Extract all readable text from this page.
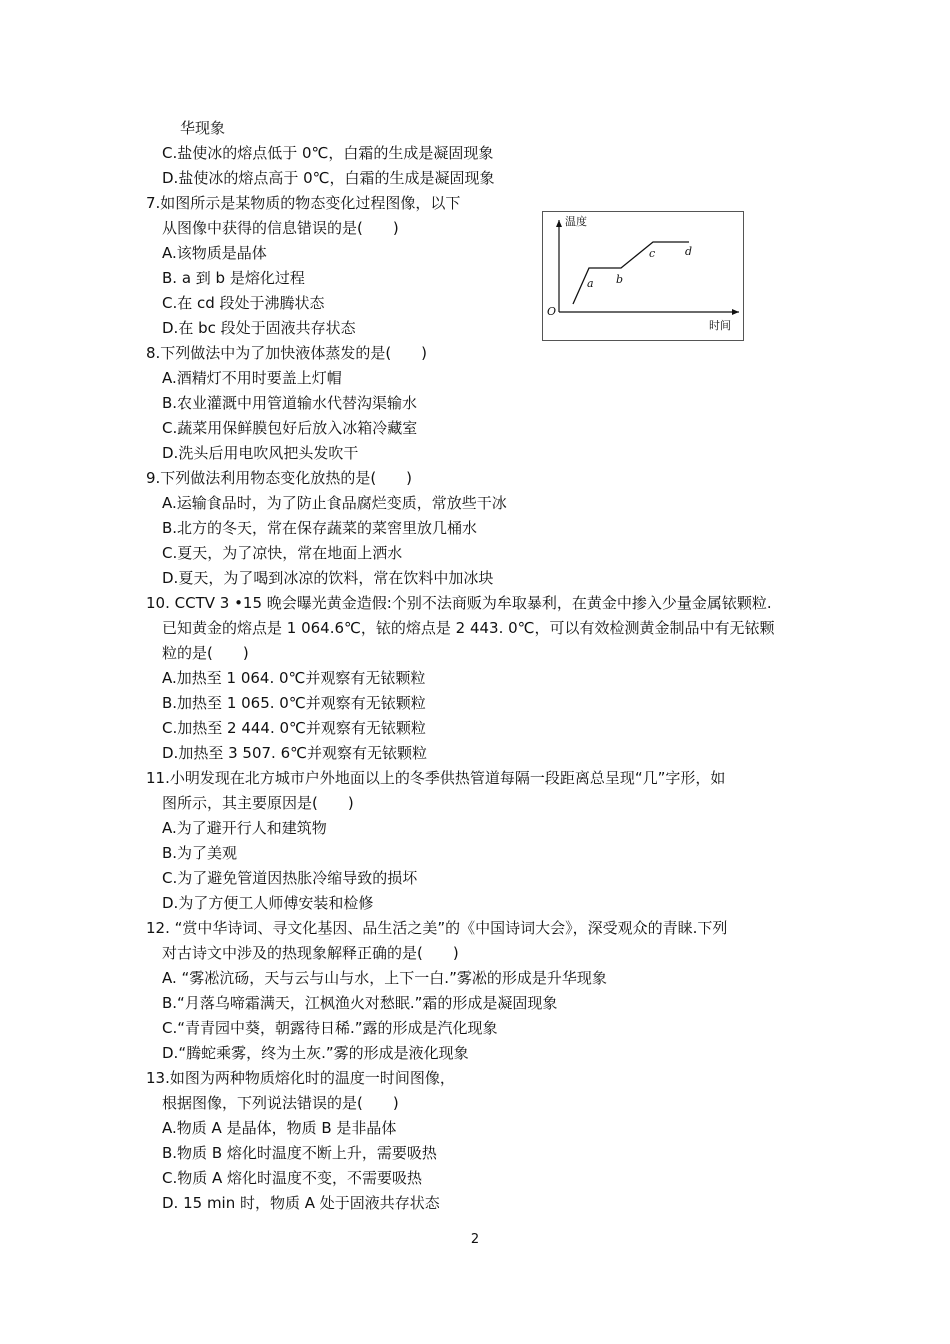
华现象
C.盐使冰的熔点低于 0℃，白霜的生成是凝固现象
D.盐使冰的熔点高于 0℃，白霜的生成是凝固现象
7.如图所示是某物质的物态变化过程图像，以下
从图像中获得的信息错误的是(　　)
A.该物质是晶体
B. a 到 b 是熔化过程
C.在 cd 段处于沸腾状态
D.在 bc 段处于固液共存状态
温度
时间
O
a b
c	d
8.下列做法中为了加快液体蒸发的是(　　)
A.酒精灯不用时要盖上灯帽
B.农业灌溉中用管道输水代替沟渠输水
C.蔬菜用保鲜膜包好后放入冰箱冷藏室
D.洗头后用电吹风把头发吹干
9.下列做法利用物态变化放热的是(　　)
A.运输食品时，为了防止食品腐烂变质，常放些干冰
B.北方的冬天，常在保存蔬菜的菜窖里放几桶水
C.夏天，为了凉快，常在地面上洒水
D.夏天，为了喝到冰凉的饮料，常在饮料中加冰块
10. CCTV 3 •15 晚会曝光黄金造假:个别不法商贩为牟取暴利，在黄金中掺入少量金属铱颗粒.
已知黄金的熔点是 1 064.6℃，铱的熔点是 2 443. 0℃，可以有效检测黄金制品中有无铱颗
粒的是(　　)
A.加热至 1 064. 0℃并观察有无铱颗粒
B.加热至 1 065. 0℃并观察有无铱颗粒
C.加热至 2 444. 0℃并观察有无铱颗粒
D.加热至 3 507. 6℃并观察有无铱颗粒
11.小明发现在北方城市户外地面以上的冬季供热管道每隔一段距离总呈现“几”字形，如
图所示，其主要原因是(　　)
A.为了避开行人和建筑物
B.为了美观
C.为了避免管道因热胀冷缩导致的损坏
D.为了方便工人师傅安装和检修
12. “赏中华诗词、寻文化基因、品生活之美”的《中国诗词大会》，深受观众的青睐.下列
对古诗文中涉及的热现象解释正确的是(　　)
A. “雾凇沆砀，天与云与山与水，上下一白.”雾凇的形成是升华现象
B.“月落乌啼霜满天，江枫渔火对愁眠.”霜的形成是凝固现象
C.“青青园中葵，朝露待日稀.”露的形成是汽化现象
D.“腾蛇乘雾，终为土灰.”雾的形成是液化现象
13.如图为两种物质熔化时的温度一时间图像，
根据图像，下列说法错误的是(　　)
A.物质 A 是晶体，物质 B 是非晶体
B.物质 B 熔化时温度不断上升，需要吸热
C.物质 A 熔化时温度不变，不需要吸热
D. 15 min 时，物质 A 处于固液共存状态
2
